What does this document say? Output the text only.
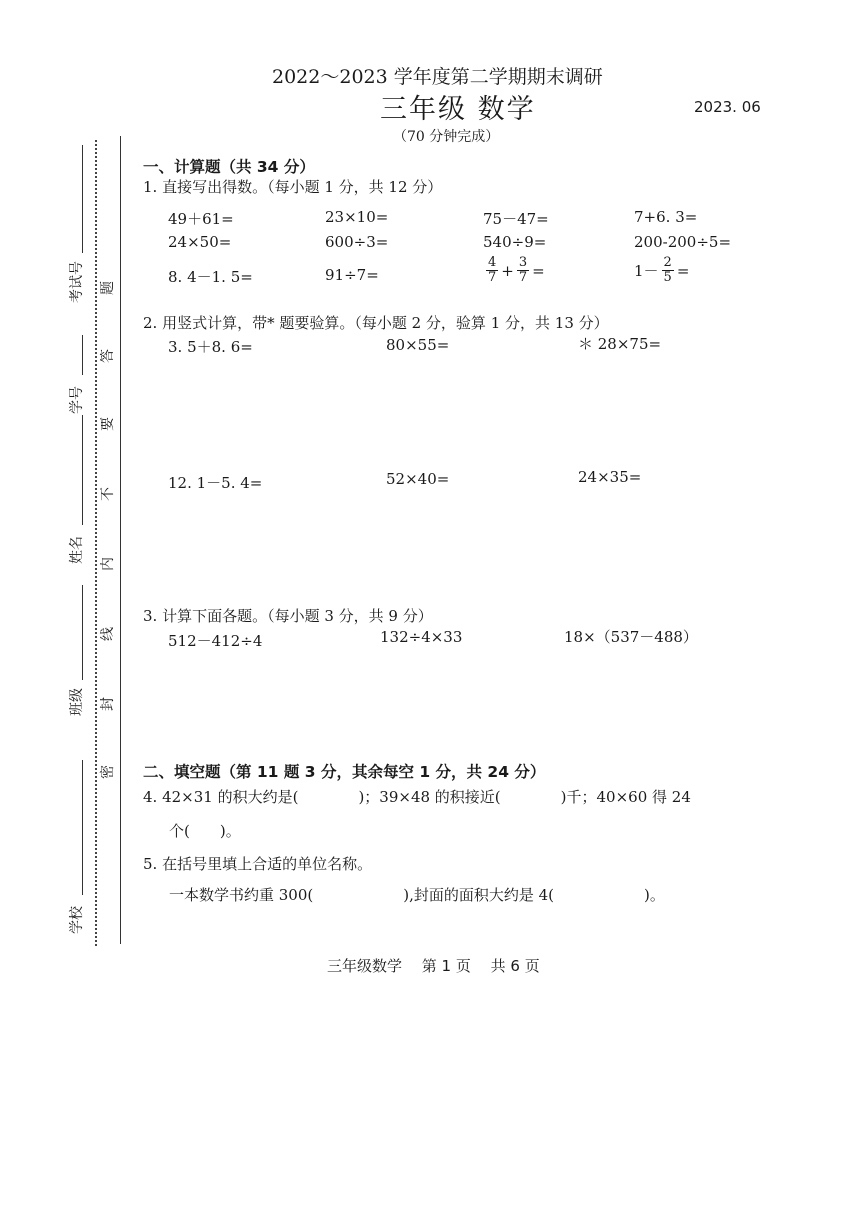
2022～2023 学年度第二学期期末调研
三年级 数学	2023. 06
（70 分钟完成）
考试号
学号
姓名
班级
学校
题
答
要
不
内
线
封
密
一、计算题（共 34 分）
1. 直接写出得数。（每小题 1 分，共 12 分）
49＋61=	23×10=	75－47=	7+6. 3=
24×50=	600÷3=	540÷9=	200-200÷5=
8. 4－1. 5=	91÷7=	$\frac{4}{7} + \frac{3}{7}$ =	$1- \frac{2}{5}$ =
2. 用竖式计算，带* 题要验算。（每小题 2 分，验算 1 分，共 13 分）
3. 5＋8. 6=	80×55=	＊ 28×75=
12. 1－5. 4=	52×40=	24×35=
3. 计算下面各题。（每小题 3 分，共 9 分）
512－412÷4	132÷4×33	18×（537－488）
二、填空题（第 11 题 3 分，其余每空 1 分，共 24 分）
4. 42×31 的积大约是(　　　　)；39×48 的积接近(　　　　)千；40×60 得 24
个(　　)。
5. 在括号里填上合适的单位名称。
一本数学书约重 300(　　　　　　),封面的面积大约是 4(　　　　　　)。
三年级数学　 第 1 页　 共 6 页
